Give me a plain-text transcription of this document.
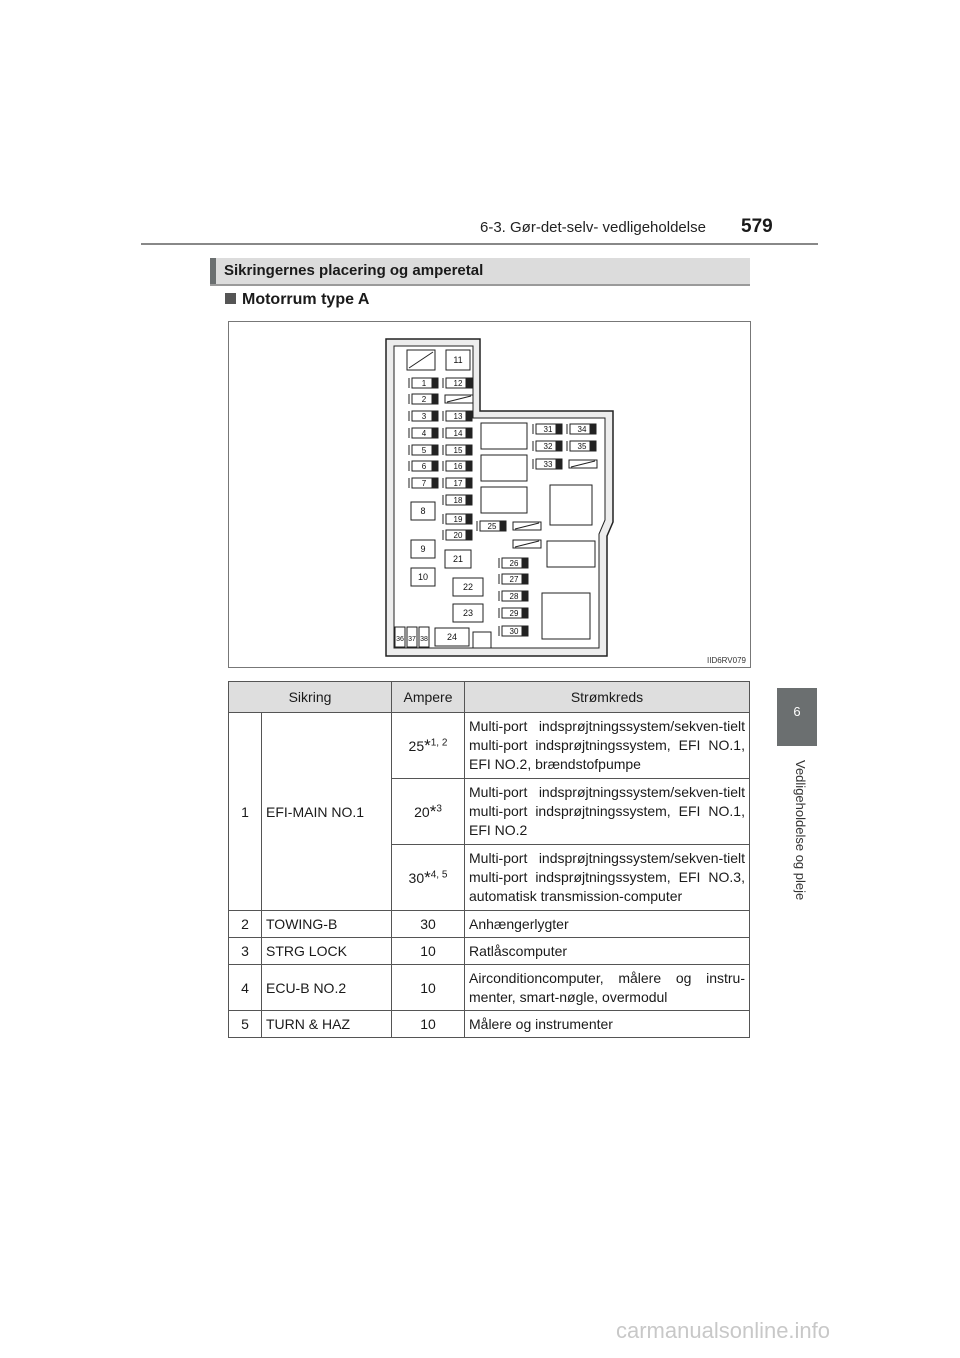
6-3. Gør-det-selv- vedligeholdelse 579
6
Vedligeholdelse og pleje
Sikringernes placering og amperetal
Motorrum type A
1
2
3
4
5
6
7
11
12
13
14
15
16
17
18
19
20
8
9
10
21
22
23
24
31	34
32	35
33
25
26
27
28
29
30
36 37 38
IID6RV079
Sikring		Ampere	Strømkreds
1	EFI-MAIN NO.1	25*$^{1, 2}$	Multi-port indsprøjtningssystem/sekven-tielt multi-port indsprøjtningssystem, EFI NO.1, EFI NO.2, brændstofpumpe
		20*$^3$	Multi-port indsprøjtningssystem/sekven-tielt multi-port indsprøjtningssystem, EFI NO.1, EFI NO.2
		30*$^{4, 5}$	Multi-port indsprøjtningssystem/sekven-tielt multi-port indsprøjtningssystem, EFI NO.3, automatisk transmission-computer
2	TOWING-B	30	Anhængerlygter
3	STRG LOCK	10	Ratlåscomputer
4	ECU-B NO.2	10	Airconditioncomputer, målere og instru-menter, smart-nøgle, overmodul
5	TURN & HAZ	10	Målere og instrumenter
carmanualsonline.info
